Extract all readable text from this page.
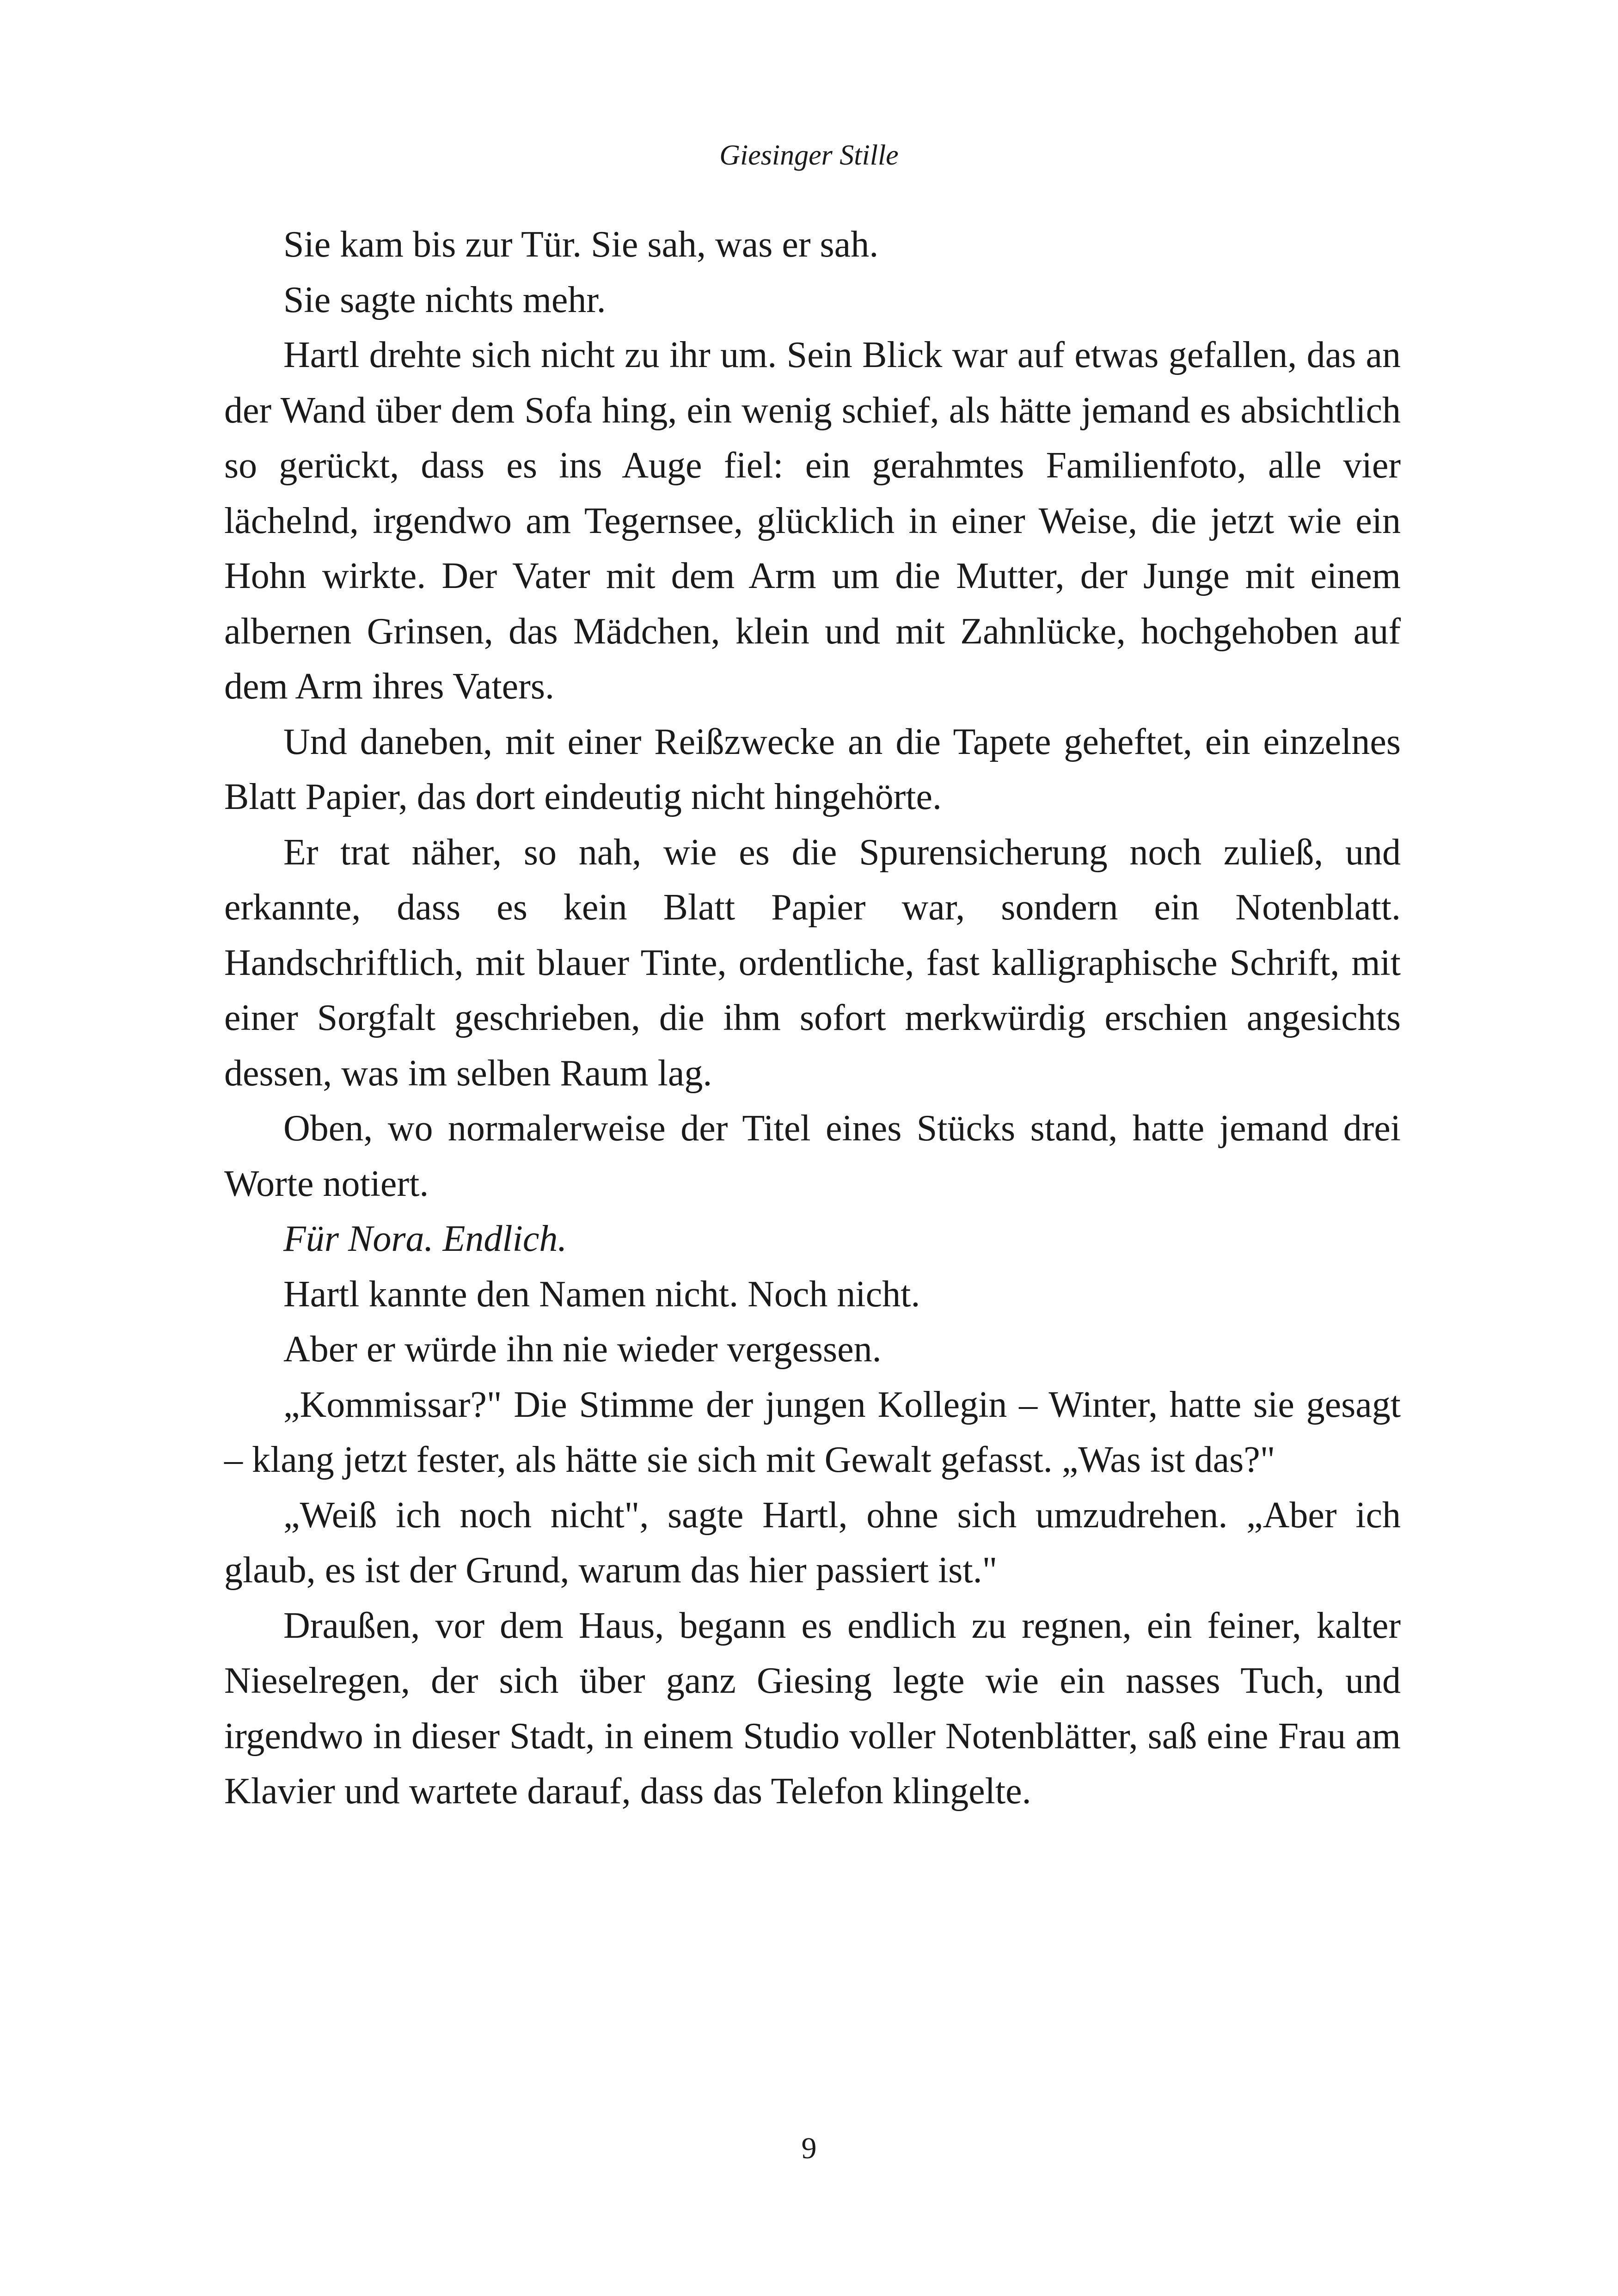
Giesinger Stille

Sie kam bis zur Tür. Sie sah, was er sah.

Sie sagte nichts mehr.

Hartl drehte sich nicht zu ihr um. Sein Blick war auf etwas gefallen, das an der Wand über dem Sofa hing, ein wenig schief, als hätte jemand es absichtlich so gerückt, dass es ins Auge fiel: ein gerahmtes Familienfoto, alle vier lächelnd, irgendwo am Tegernsee, glücklich in einer Weise, die jetzt wie ein Hohn wirkte. Der Vater mit dem Arm um die Mutter, der Junge mit einem albernen Grinsen, das Mädchen, klein und mit Zahnlücke, hochgehoben auf dem Arm ihres Vaters.

Und daneben, mit einer Reißzwecke an die Tapete geheftet, ein einzelnes Blatt Papier, das dort eindeutig nicht hingehörte.

Er trat näher, so nah, wie es die Spurensicherung noch zuließ, und erkannte, dass es kein Blatt Papier war, sondern ein Notenblatt. Handschriftlich, mit blauer Tinte, ordentliche, fast kalligraphische Schrift, mit einer Sorgfalt geschrieben, die ihm sofort merkwürdig erschien angesichts dessen, was im selben Raum lag.

Oben, wo normalerweise der Titel eines Stücks stand, hatte jemand drei Worte notiert.

Für Nora. Endlich.

Hartl kannte den Namen nicht. Noch nicht.

Aber er würde ihn nie wieder vergessen.

„Kommissar?" Die Stimme der jungen Kollegin – Winter, hatte sie gesagt – klang jetzt fester, als hätte sie sich mit Gewalt gefasst. „Was ist das?"

„Weiß ich noch nicht", sagte Hartl, ohne sich umzudrehen. „Aber ich glaub, es ist der Grund, warum das hier passiert ist."

Draußen, vor dem Haus, begann es endlich zu regnen, ein feiner, kalter Nieselregen, der sich über ganz Giesing legte wie ein nasses Tuch, und irgendwo in dieser Stadt, in einem Studio voller Notenblätter, saß eine Frau am Klavier und wartete darauf, dass das Telefon klingelte.

9
